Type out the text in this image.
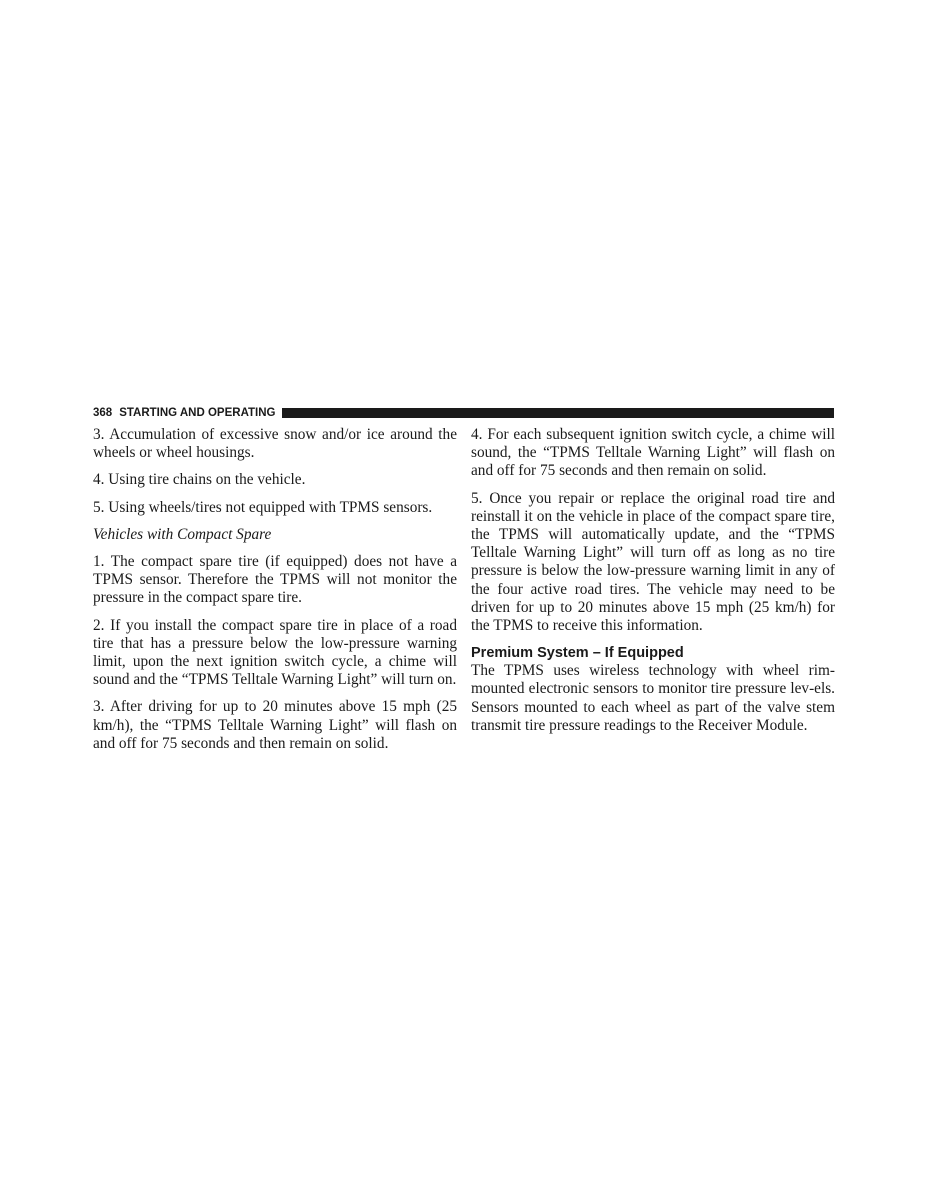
368 STARTING AND OPERATING

3. Accumulation of excessive snow and/or ice around the wheels or wheel housings.

4. Using tire chains on the vehicle.

5. Using wheels/tires not equipped with TPMS sensors.

Vehicles with Compact Spare

1. The compact spare tire (if equipped) does not have a TPMS sensor. Therefore the TPMS will not monitor the pressure in the compact spare tire.

2. If you install the compact spare tire in place of a road tire that has a pressure below the low-pressure warning limit, upon the next ignition switch cycle, a chime will sound and the “TPMS Telltale Warning Light” will turn on.

3. After driving for up to 20 minutes above 15 mph (25 km/h), the “TPMS Telltale Warning Light” will flash on and off for 75 seconds and then remain on solid.

4. For each subsequent ignition switch cycle, a chime will sound, the “TPMS Telltale Warning Light” will flash on and off for 75 seconds and then remain on solid.

5. Once you repair or replace the original road tire and reinstall it on the vehicle in place of the compact spare tire, the TPMS will automatically update, and the “TPMS Telltale Warning Light” will turn off as long as no tire pressure is below the low-pressure warning limit in any of the four active road tires. The vehicle may need to be driven for up to 20 minutes above 15 mph (25 km/h) for the TPMS to receive this information.

Premium System – If Equipped

The TPMS uses wireless technology with wheel rim-mounted electronic sensors to monitor tire pressure lev-els. Sensors mounted to each wheel as part of the valve stem transmit tire pressure readings to the Receiver Module.
